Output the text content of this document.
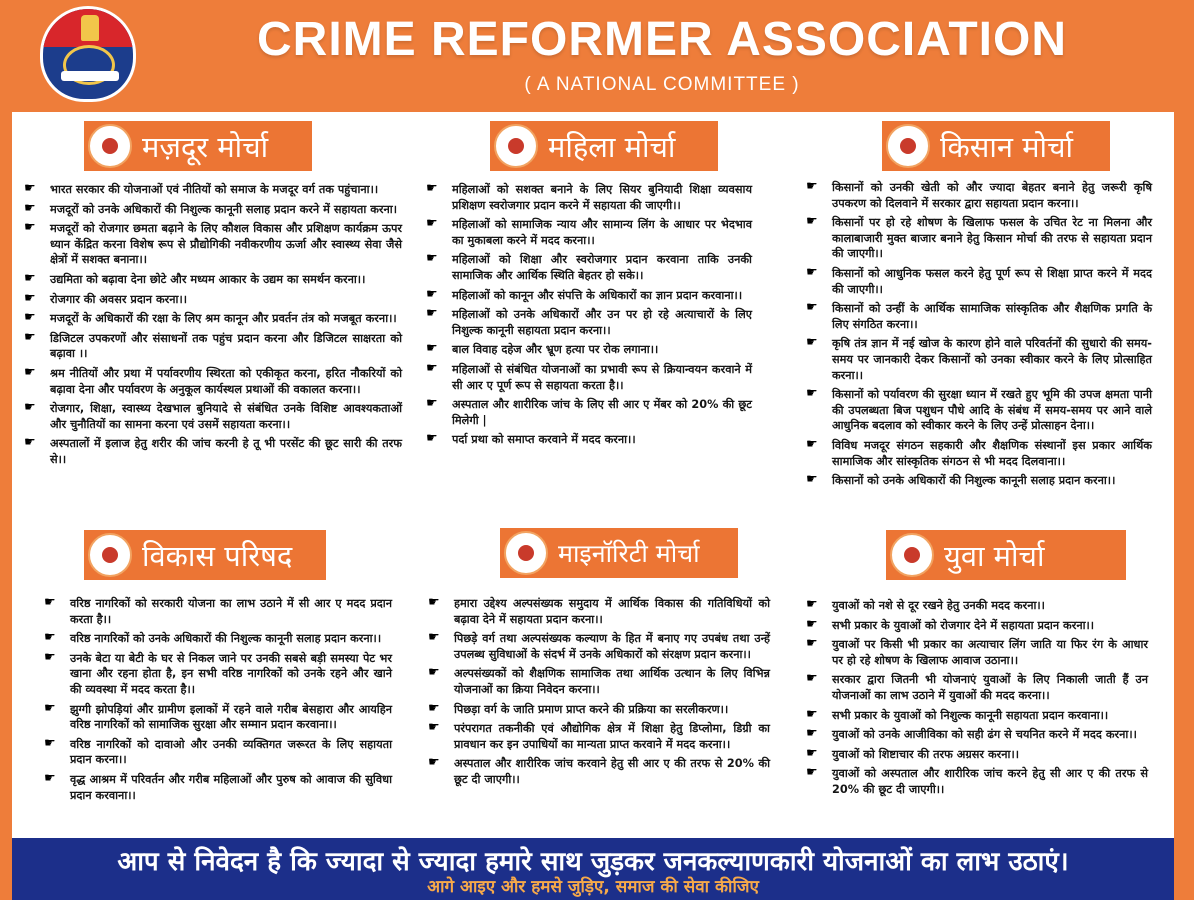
CRIME REFORMER ASSOCIATION
( A NATIONAL COMMITTEE )
मज़दूर मोर्चा
☛ भारत सरकार की योजनाओं एवं नीतियों को समाज के मजदूर वर्ग तक पहुंचाना।।
☛ मजदूरों को उनके अधिकारों की निशुल्क कानूनी सलाह प्रदान करने में सहायता करना।
☛ मजदूरों को रोजगार छमता बढ़ाने के लिए कौशल विकास और प्रशिक्षण कार्यक्रम ऊपर ध्यान केंद्रित करना विशेष रूप से प्रौद्योगिकी नवीकरणीय ऊर्जा और स्वास्थ्य सेवा जैसे क्षेत्रों में सशक्त बनाना।।
☛ उद्यमिता को बढ़ावा देना छोटे और मध्यम आकार के उद्यम का समर्थन करना।।
☛ रोजगार की अवसर प्रदान करना।।
☛ मजदूरों के अधिकारों की रक्षा के लिए श्रम कानून और प्रवर्तन तंत्र को मजबूत करना।।
☛ डिजिटल उपकरणों और संसाधनों तक पहुंच प्रदान करना और डिजिटल साक्षरता को बढ़ावा ।।
☛ श्रम नीतियों और प्रथा में पर्यावरणीय स्थिरता को एकीकृत करना, हरित नौकरियों को बढ़ावा देना और पर्यावरण के अनुकूल कार्यस्थल प्रथाओं की वकालत करना।।
☛ रोजगार, शिक्षा, स्वास्थ्य देखभाल बुनियादे से संबंधित उनके विशिष्ट आवश्यकताओं और चुनौतियों का सामना करना एवं उसमें सहायता करना।।
☛ अस्पतालों में इलाज हेतु शरीर की जांच करनी हे तू भी परसेंट की छूट सारी की तरफ से।।
महिला मोर्चा
☛ महिलाओं को सशक्त बनाने के लिए सियर बुनियादी शिक्षा व्यवसाय प्रशिक्षण स्वरोजगार प्रदान करने में सहायता की जाएगी।।
☛ महिलाओं को सामाजिक न्याय और सामान्य लिंग के आधार पर भेदभाव का मुकाबला करने में मदद करना।।
☛ महिलाओं को शिक्षा और स्वरोजगार प्रदान करवाना ताकि उनकी सामाजिक और आर्थिक स्थिति बेहतर हो सके।।
☛ महिलाओं को कानून और संपत्ति के अधिकारों का ज्ञान प्रदान करवाना।।
☛ महिलाओं को उनके अधिकारों और उन पर हो रहे अत्याचारों के लिए निशुल्क कानूनी सहायता प्रदान करना।।
☛ बाल विवाह दहेज और भ्रूण हत्या पर रोक लगाना।।
☛ महिलाओं से संबंधित योजनाओं का प्रभावी रूप से क्रियान्वयन करवाने में सी आर ए पूर्ण रूप से सहायता करता है।।
☛ अस्पताल और शारीरिक जांच के लिए सी आर ए मेंबर को 20% की छूट मिलेगी |
☛ पर्दा प्रथा को समाप्त करवाने में मदद करना।।
किसान मोर्चा
☛ किसानों को उनकी खेती को और ज्यादा बेहतर बनाने हेतु जरूरी कृषि उपकरण को दिलवाने में सरकार द्वारा सहायता प्रदान करना।।
☛ किसानों पर हो रहे शोषण के खिलाफ फसल के उचित रेट ना मिलना और कालाबाजारी मुक्त बाजार बनाने हेतु किसान मोर्चा की तरफ से सहायता प्रदान की जाएगी।।
☛ किसानों को आधुनिक फसल करने हेतु पूर्ण रूप से शिक्षा प्राप्त करने में मदद की जाएगी।।
☛ किसानों को उन्हीं के आर्थिक सामाजिक सांस्कृतिक और शैक्षणिक प्रगति के लिए संगठित करना।।
☛ कृषि तंत्र ज्ञान में नई खोज के कारण होने वाले परिवर्तनों की सुधारो की समय-समय पर जानकारी देकर किसानों को उनका स्वीकार करने के लिए प्रोत्साहित करना।।
☛ किसानों को पर्यावरण की सुरक्षा ध्यान में रखते हुए भूमि की उपज क्षमता पानी की उपलब्धता बिज पशुधन पौधे आदि के संबंध में समय-समय पर आने वाले आधुनिक बदलाव को स्वीकार करने के लिए उन्हें प्रोत्साहन देना।।
☛ विविध मजदूर संगठन सहकारी और शैक्षणिक संस्थानों इस प्रकार आर्थिक सामाजिक और सांस्कृतिक संगठन से भी मदद दिलवाना।।
☛ किसानों को उनके अधिकारों की निशुल्क कानूनी सलाह प्रदान करना।।
विकास परिषद
☛ वरिष्ठ नागरिकों को सरकारी योजना का लाभ उठाने में सी आर ए मदद प्रदान करता है।।
☛ वरिष्ठ नागरिकों को उनके अधिकारों की निशुल्क कानूनी सलाह प्रदान करना।।
☛ उनके बेटा या बेटी के घर से निकल जाने पर उनकी सबसे बड़ी समस्या पेट भर खाना और रहना होता है, इन सभी वरिष्ठ नागरिकों को उनके रहने और खाने की व्यवस्था में मदद करता है।।
☛ झुग्गी झोपड़ियां और ग्रामीण इलाकों में रहने वाले गरीब बेसहारा और आयहिन वरिष्ठ नागरिकों को सामाजिक सुरक्षा और सम्मान प्रदान करवाना।।
☛ वरिष्ठ नागरिकों को दावाओ और उनकी व्यक्तिगत जरूरत के लिए सहायता प्रदान करना।।
☛ वृद्ध आश्रम में परिवर्तन और गरीब महिलाओं और पुरुष को आवाज की सुविधा प्रदान करवाना।।
माइनॉरिटी मोर्चा
☛ हमारा उद्देश्य अल्पसंख्यक समुदाय में आर्थिक विकास की गतिविधियों को बढ़ावा देने में सहायता प्रदान करना।।
☛ पिछड़े वर्ग तथा अल्पसंख्यक कल्याण के हित में बनाए गए उपबंध तथा उन्हें उपलब्ध सुविधाओं के संदर्भ में उनके अधिकारों को संरक्षण प्रदान करना।।
☛ अल्पसंख्यकों को शैक्षणिक सामाजिक तथा आर्थिक उत्थान के लिए विभिन्न योजनाओं का क्रिया निवेदन करना।।
☛ पिछड़ा वर्ग के जाति प्रमाण प्राप्त करने की प्रक्रिया का सरलीकरण।।
☛ परंपरागत तकनीकी एवं औद्योगिक क्षेत्र में शिक्षा हेतु डिप्लोमा, डिग्री का प्रावधान कर इन उपाधियों का मान्यता प्राप्त करवाने में मदद करना।।
☛ अस्पताल और शारीरिक जांच करवाने हेतु सी आर ए की तरफ से 20% की छूट दी जाएगी।।
युवा मोर्चा
☛ युवाओं को नशे से दूर रखने हेतु उनकी मदद करना।।
☛ सभी प्रकार के युवाओं को रोजगार देने में सहायता प्रदान करना।।
☛ युवाओं पर किसी भी प्रकार का अत्याचार लिंग जाति या फिर रंग के आधार पर हो रहे शोषण के खिलाफ आवाज उठाना।।
☛ सरकार द्वारा जितनी भी योजनाएं युवाओं के लिए निकाली जाती हैं उन योजनाओं का लाभ उठाने में युवाओं की मदद करना।।
☛ सभी प्रकार के युवाओं को निशुल्क कानूनी सहायता प्रदान करवाना।।
☛ युवाओं को उनके आजीविका को सही ढंग से चयनित करने में मदद करना।।
☛ युवाओं को शिष्टाचार की तरफ अग्रसर करना।।
☛ युवाओं को अस्पताल और शारीरिक जांच करने हेतु सी आर ए की तरफ से 20% की छूट दी जाएगी।।
आप से निवेदन है कि ज्यादा से ज्यादा हमारे साथ जुड़कर जनकल्याणकारी योजनाओं का लाभ उठाएं।
आगे आइए और हमसे जुड़िए, समाज की सेवा कीजिए
